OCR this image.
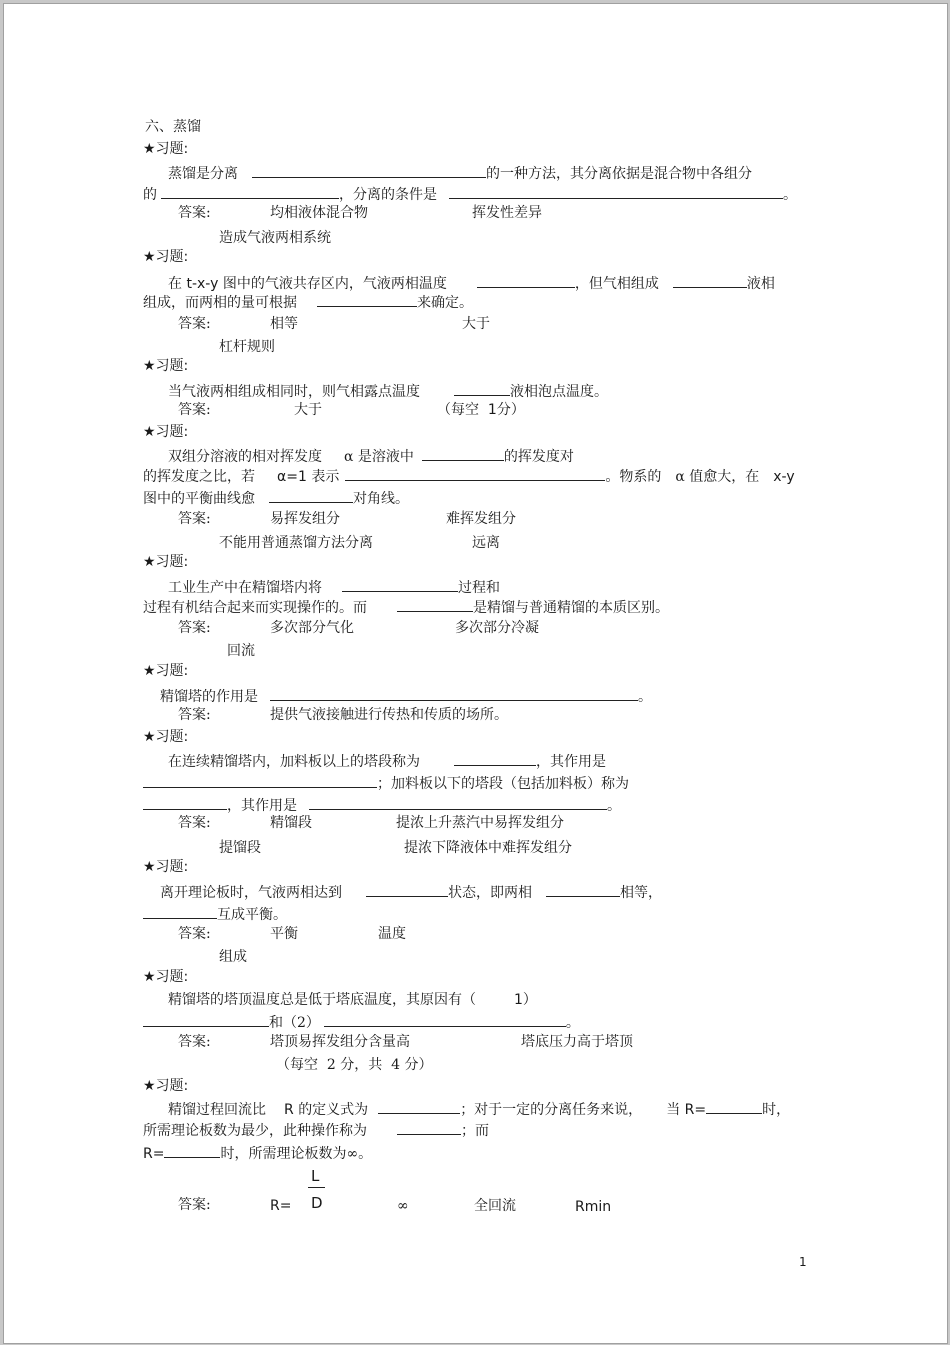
六、蒸馏
★习题:
蒸馏是分离	的一种方法，其分离依据是混合物中各组分
的	，分离的条件是	。
答案:	均相液体混合物	挥发性差异
造成气液两相系统
★习题:
在 t-x-y 图中的气液共存区内，气液两相温度	，但气相组成	液相
组成，而两相的量可根据	来确定。
答案:	相等	大于
杠杆规则
★习题:
当气液两相组成相同时，则气相露点温度	液相泡点温度。
答案:	大于	（每空 1分）
★习题:
双组分溶液的相对挥发度 α 是溶液中	的挥发度对
的挥发度之比，若 α=1 表示	。物系的 α 值愈大，在 x-y
图中的平衡曲线愈	对角线。
答案:	易挥发组分	难挥发组分
不能用普通蒸馏方法分离	远离
★习题:
工业生产中在精馏塔内将	过程和
过程有机结合起来而实现操作的。而	是精馏与普通精馏的本质区别。
答案:	多次部分气化	多次部分冷凝
回流
★习题:
精馏塔的作用是	。
答案:	提供气液接触进行传热和传质的场所。
★习题:
在连续精馏塔内，加料板以上的塔段称为	，其作用是
；加料板以下的塔段（包括加料板）称为
，其作用是	。
答案:	精馏段	提浓上升蒸汽中易挥发组分
提馏段	提浓下降液体中难挥发组分
★习题:
离开理论板时，气液两相达到	状态，即两相	相等，
互成平衡。
答案:	平衡	温度
组成
★习题:
精馏塔的塔顶温度总是低于塔底温度，其原因有（	1）
和（2）	。
答案:	塔顶易挥发组分含量高	塔底压力高于塔顶
（每空 2 分，共 4 分）
★习题:
精馏过程回流比 R 的定义式为	；对于一定的分离任务来说， 当 R=	时，
所需理论板数为最少，此种操作称为	；而
R=	时，所需理论板数为∞。
L
答案:	R= D	∞	全回流	Rmin
1
